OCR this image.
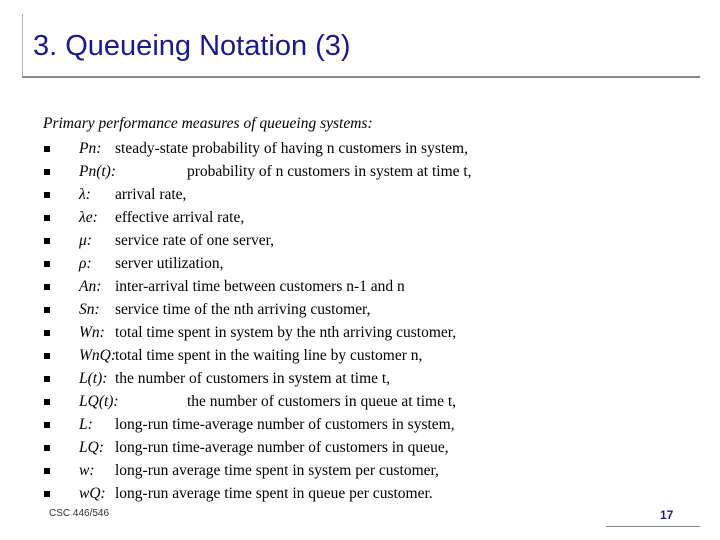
3. Queueing Notation (3)
Primary performance measures of queueing systems:
Pn: steady-state probability of having n customers in system,
Pn(t):	probability of n customers in system at time t,
λ: arrival rate,
λe: effective arrival rate,
μ: service rate of one server,
ρ: server utilization,
An: inter-arrival time between customers n-1 and n
Sn: service time of the nth arriving customer,
Wn: total time spent in system by the nth arriving customer,
WnQ:
total time spent in the waiting line by customer n,
L(t): the number of customers in system at time t,
LQ(t):	the number of customers in queue at time t,
L: long-run time-average number of customers in system,
LQ: long-run time-average number of customers in queue,
w: long-run average time spent in system per customer,
wQ: long-run average time spent in queue per customer.
CSC 446/546	17
